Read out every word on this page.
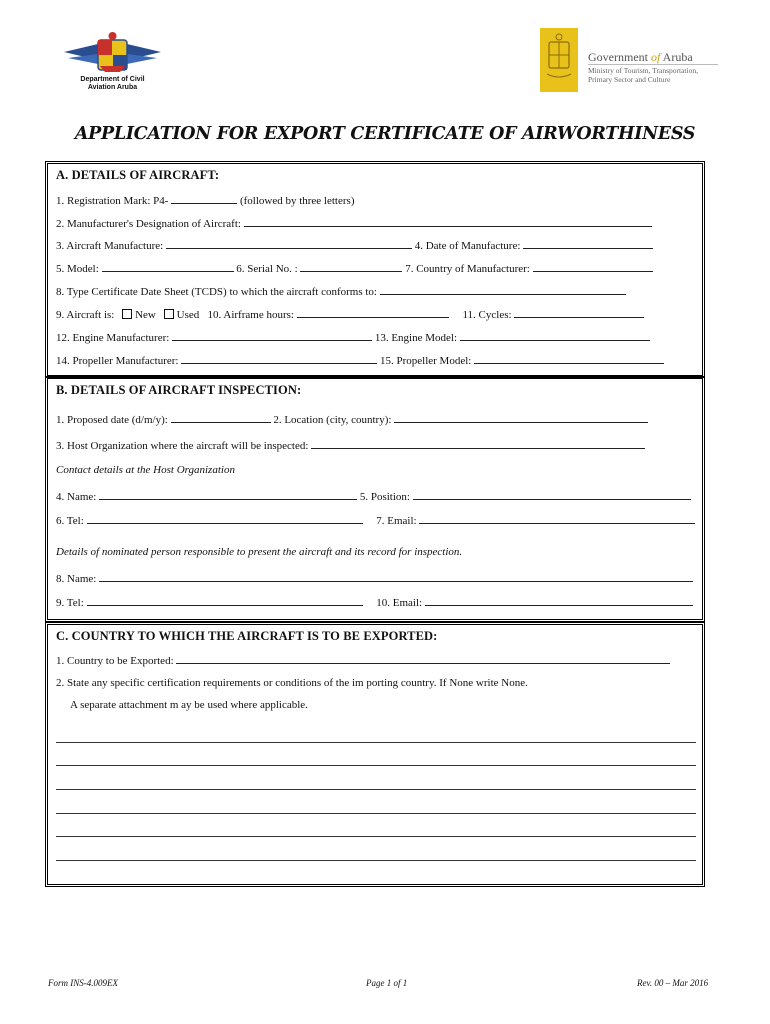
Department of Civil
Aviation Aruba
Government of Aruba
Ministry of Tourism, Transportation,
Primary Sector and Culture
APPLICATION FOR EXPORT CERTIFICATE OF AIRWORTHINESS
A. DETAILS OF AIRCRAFT:
1. Registration Mark: P4-	(followed by three letters)
2. Manufacturer's Designation of Aircraft:
3. Aircraft Manufacture:	4. Date of Manufacture:
5. Model:	6. Serial No. :	7. Country of Manufacturer:
8. Type Certificate Date Sheet (TCDS) to which the aircraft conforms to:
9. Aircraft is: New Used 10. Airframe hours:	11. Cycles:
12. Engine Manufacturer:	13. Engine Model:
14. Propeller Manufacturer:	15. Propeller Model:
B. DETAILS OF AIRCRAFT INSPECTION:
1. Proposed date (d/m/y):	2. Location (city, country):
3. Host Organization where the aircraft will be inspected:
Contact details at the Host Organization
4. Name:	5. Position:
6. Tel:	7. Email:
Details of nominated person responsible to present the aircraft and its record for inspection.
8. Name:
9. Tel:	10. Email:
C. COUNTRY TO WHICH THE AIRCRAFT IS TO BE EXPORTED:
1. Country to be Exported:
2. State any specific certification requirements or conditions of the im porting country. If None write None.
A separate attachment m ay be used where applicable.
Form INS-4.009EX	Page 1 of 1	Rev. 00 – Mar 2016
